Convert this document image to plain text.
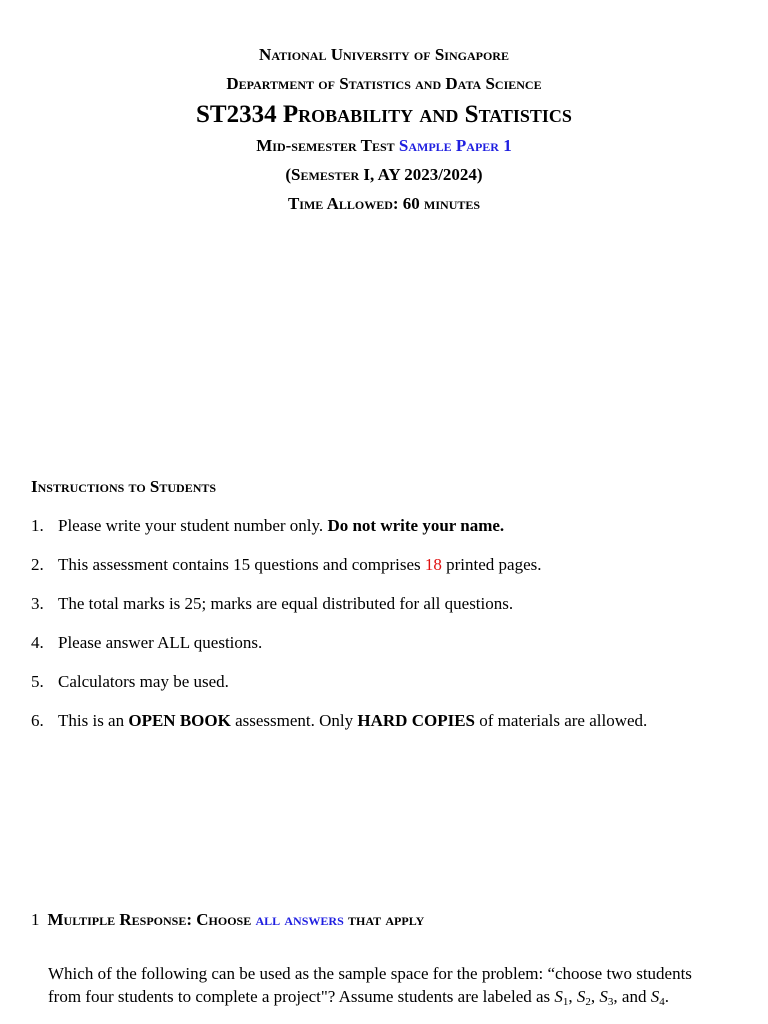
National University of Singapore
Department of Statistics and Data Science
ST2334 Probability and Statistics
Mid-semester Test Sample Paper 1
(Semester I, AY 2023/2024)
Time Allowed: 60 minutes
Instructions to Students
1. Please write your student number only. Do not write your name.
2. This assessment contains 15 questions and comprises 18 printed pages.
3. The total marks is 25; marks are equal distributed for all questions.
4. Please answer ALL questions.
5. Calculators may be used.
6. This is an OPEN BOOK assessment. Only HARD COPIES of materials are allowed.
1 Multiple Response: Choose all answers that apply
Which of the following can be used as the sample space for the problem: “choose two students
from four students to complete a project"? Assume students are labeled as $S_1$, $S_2$, $S_3$, and $S_4$.
